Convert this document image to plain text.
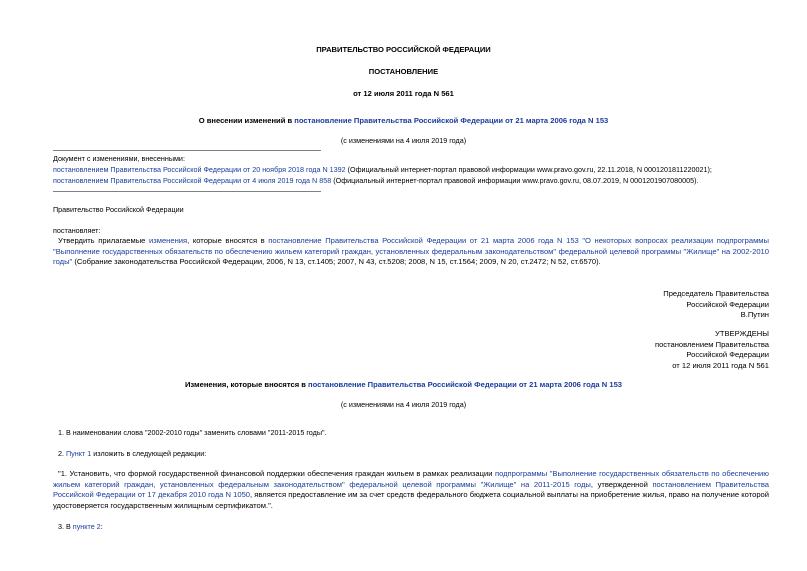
ПРАВИТЕЛЬСТВО РОССИЙСКОЙ ФЕДЕРАЦИИ
ПОСТАНОВЛЕНИЕ
от 12 июля 2011 года N 561
О внесении изменений в постановление Правительства Российской Федерации от 21 марта 2006 года N 153
(с изменениями на 4 июля 2019 года)
Документ с изменениями, внесенными:
постановлением Правительства Российской Федерации от 20 ноября 2018 года N 1392 (Официальный интернет-портал правовой информации www.pravo.gov.ru, 22.11.2018, N 0001201811220021);
постановлением Правительства Российской Федерации от 4 июля 2019 года N 858 (Официальный интернет-портал правовой информации www.pravo.gov.ru, 08.07.2019, N 0001201907080005).
Правительство Российской Федерации
постановляет:
Утвердить прилагаемые изменения, которые вносятся в постановление Правительства Российской Федерации от 21 марта 2006 года N 153 "О некоторых вопросах реализации подпрограммы "Выполнение государственных обязательств по обеспечению жильем категорий граждан, установленных федеральным законодательством" федеральной целевой программы "Жилище" на 2002-2010 годы" (Собрание законодательства Российской Федерации, 2006, N 13, ст.1405; 2007, N 43, ст.5208; 2008, N 15, ст.1564; 2009, N 20, ст.2472; N 52, ст.6570).
Председатель Правительства
Российской Федерации
В.Путин
УТВЕРЖДЕНЫ
постановлением Правительства
Российской Федерации
от 12 июля 2011 года N 561
Изменения, которые вносятся в постановление Правительства Российской Федерации от 21 марта 2006 года N 153
(с изменениями на 4 июля 2019 года)
1. В наименовании слова "2002-2010 годы" заменить словами "2011-2015 годы".
2. Пункт 1 изложить в следующей редакции:
"1. Установить, что формой государственной финансовой поддержки обеспечения граждан жильем в рамках реализации подпрограммы "Выполнение государственных обязательств по обеспечению жильем категорий граждан, установленных федеральным законодательством" федеральной целевой программы "Жилище" на 2011-2015 годы, утвержденной постановлением Правительства Российской Федерации от 17 декабря 2010 года N 1050, является предоставление им за счет средств федерального бюджета социальной выплаты на приобретение жилья, право на получение которой удостоверяется государственным жилищным сертификатом.".
3. В пункте 2:
